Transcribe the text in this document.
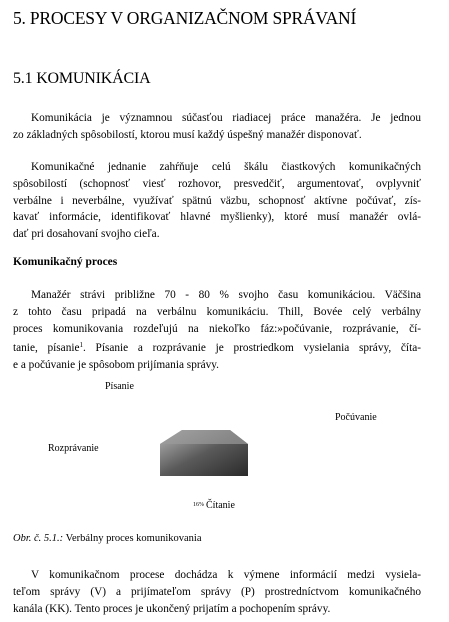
5. PROCESY V ORGANIZAČNOM SPRÁVANÍ
5.1 KOMUNIKÁCIA

Komunikácia je významnou súčasťou riadiacej práce manažéra. Je jednou
zo základných spôsobilostí, ktorou musí každý úspešný manažér disponovať.

Komunikačné jednanie zahŕňuje celú škálu čiastkových komunikačných
spôsobilostí (schopnosť viesť rozhovor, presvedčiť, argumentovať, ovplyvniť
verbálne i neverbálne, využívať spätnú väzbu, schopnosť aktívne počúvať, zís-
kavať informácie, identifikovať hlavné myšlienky), ktoré musí manažér ovlá-
dať pri dosahovaní svojho cieľa.

Komunikačný proces

Manažér strávi približne 70 - 80 % svojho času komunikáciou. Väčšina
z tohto času pripadá na verbálnu komunikáciu. Thill, Bovée celý verbálny
proces komunikovania rozdeľujú na niekoľko fáz:»počúvanie, rozprávanie, čí-
tanie, písanie$^1$. Písanie a rozprávanie je prostriedkom vysielania správy, číta-
e a počúvanie je spôsobom prijímania správy.

Písanie
Počúvanie
Rozprávanie
$^{16\%}$ Čítanie
Obr. č. 5.1.: Verbálny proces komunikovania

V komunikačnom procese dochádza k výmene informácií medzi vysiela-
teľom správy (V) a prijímateľom správy (P) prostredníctvom komunikačného
kanála (KK). Tento proces je ukončený prijatím a pochopením správy.
